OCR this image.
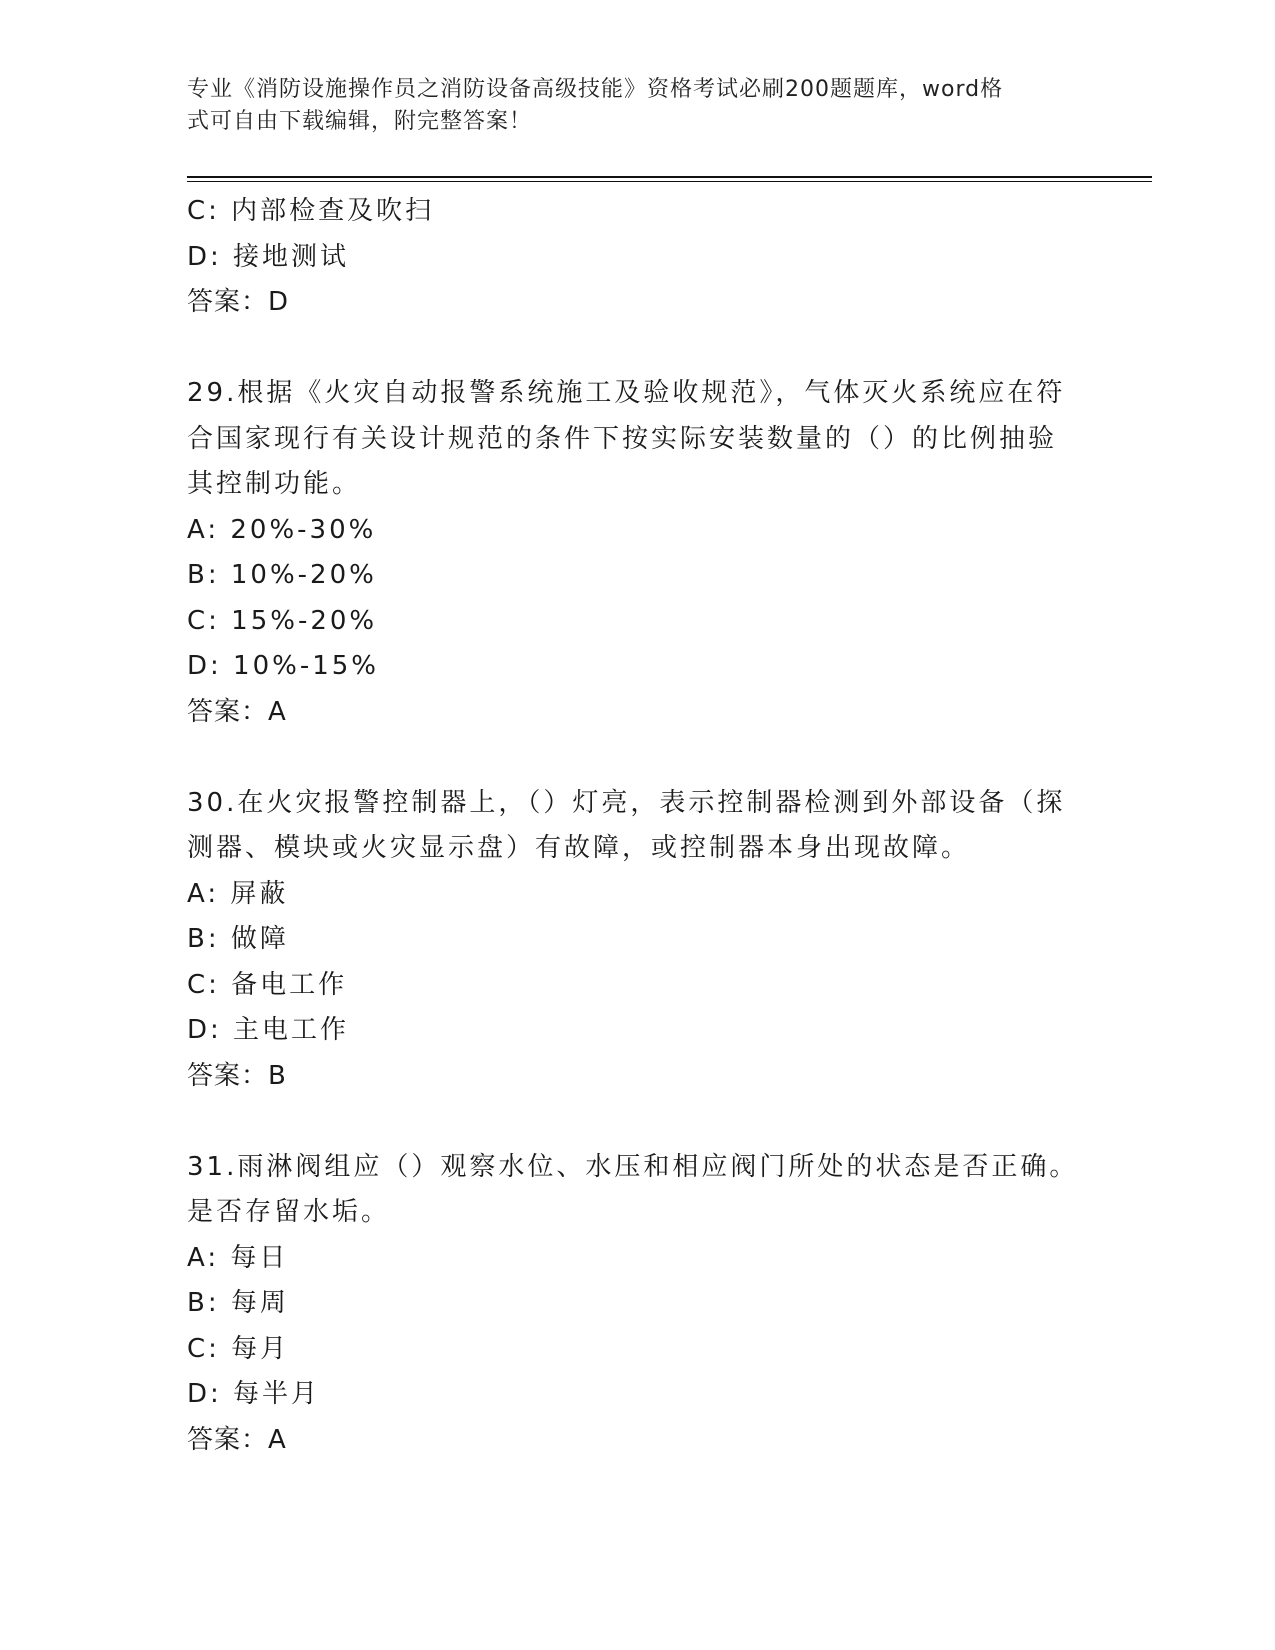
专业《消防设施操作员之消防设备高级技能》资格考试必刷200题题库，word格
式可自由下载编辑，附完整答案！
C: 内部检查及吹扫
D: 接地测试
答案：D
29.根据《火灾自动报警系统施工及验收规范》，气体灭火系统应在符
合国家现行有关设计规范的条件下按实际安装数量的（）的比例抽验
其控制功能。
A: 20%-30%
B: 10%-20%
C: 15%-20%
D: 10%-15%
答案：A
30.在火灾报警控制器上，（）灯亮，表示控制器检测到外部设备（探
测器、模块或火灾显示盘）有故障，或控制器本身出现故障。
A: 屏蔽
B: 做障
C: 备电工作
D: 主电工作
答案：B
31.雨淋阀组应（）观察水位、水压和相应阀门所处的状态是否正确。
是否存留水垢。
A: 每日
B: 每周
C: 每月
D: 每半月
答案：A
